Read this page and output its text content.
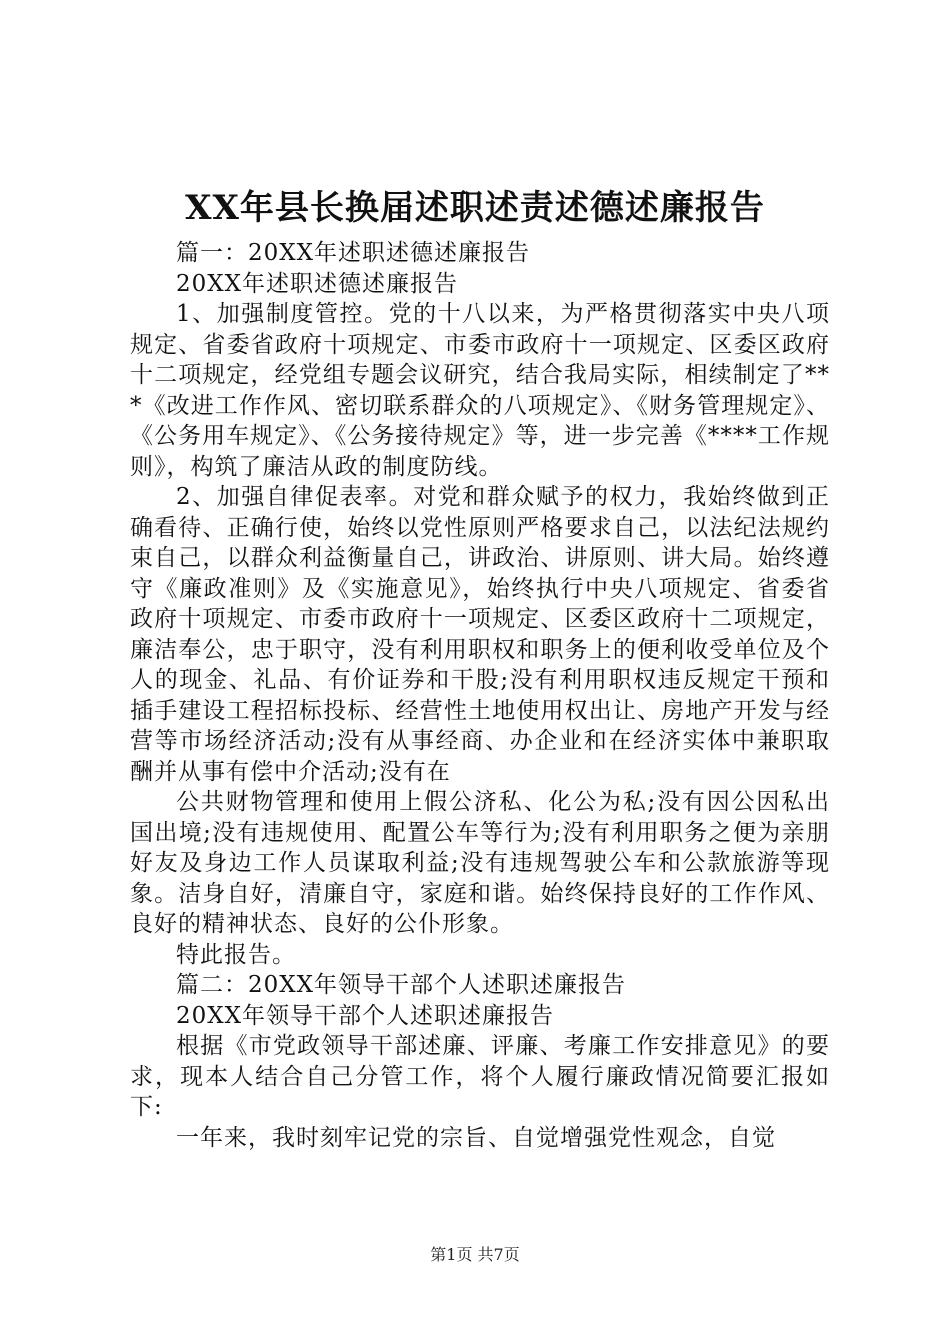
XX年县长换届述职述责述德述廉报告

篇一：20XX年述职述德述廉报告

20XX年述职述德述廉报告

1、加强制度管控。党的十八以来，为严格贯彻落实中央八项规定、省委省政府十项规定、市委市政府十一项规定、区委区政府十二项规定，经党组专题会议研究，结合我局实际，相续制定了***《改进工作作风、密切联系群众的八项规定》、《财务管理规定》、《公务用车规定》、《公务接待规定》等，进一步完善《****工作规则》，构筑了廉洁从政的制度防线。

2、加强自律促表率。对党和群众赋予的权力，我始终做到正确看待、正确行使，始终以党性原则严格要求自己，以法纪法规约束自己，以群众利益衡量自己，讲政治、讲原则、讲大局。始终遵守《廉政准则》及《实施意见》，始终执行中央八项规定、省委省政府十项规定、市委市政府十一项规定、区委区政府十二项规定，廉洁奉公，忠于职守，没有利用职权和职务上的便利收受单位及个人的现金、礼品、有价证券和干股;没有利用职权违反规定干预和插手建设工程招标投标、经营性土地使用权出让、房地产开发与经营等市场经济活动;没有从事经商、办企业和在经济实体中兼职取酬并从事有偿中介活动;没有在

公共财物管理和使用上假公济私、化公为私;没有因公因私出国出境;没有违规使用、配置公车等行为;没有利用职务之便为亲朋好友及身边工作人员谋取利益;没有违规驾驶公车和公款旅游等现象。洁身自好，清廉自守，家庭和谐。始终保持良好的工作作风、良好的精神状态、良好的公仆形象。

特此报告。

篇二：20XX年领导干部个人述职述廉报告

20XX年领导干部个人述职述廉报告

根据《市党政领导干部述廉、评廉、考廉工作安排意见》的要求，现本人结合自己分管工作，将个人履行廉政情况简要汇报如下:

一年来，我时刻牢记党的宗旨、自觉增强党性观念，自觉

第1页 共7页
